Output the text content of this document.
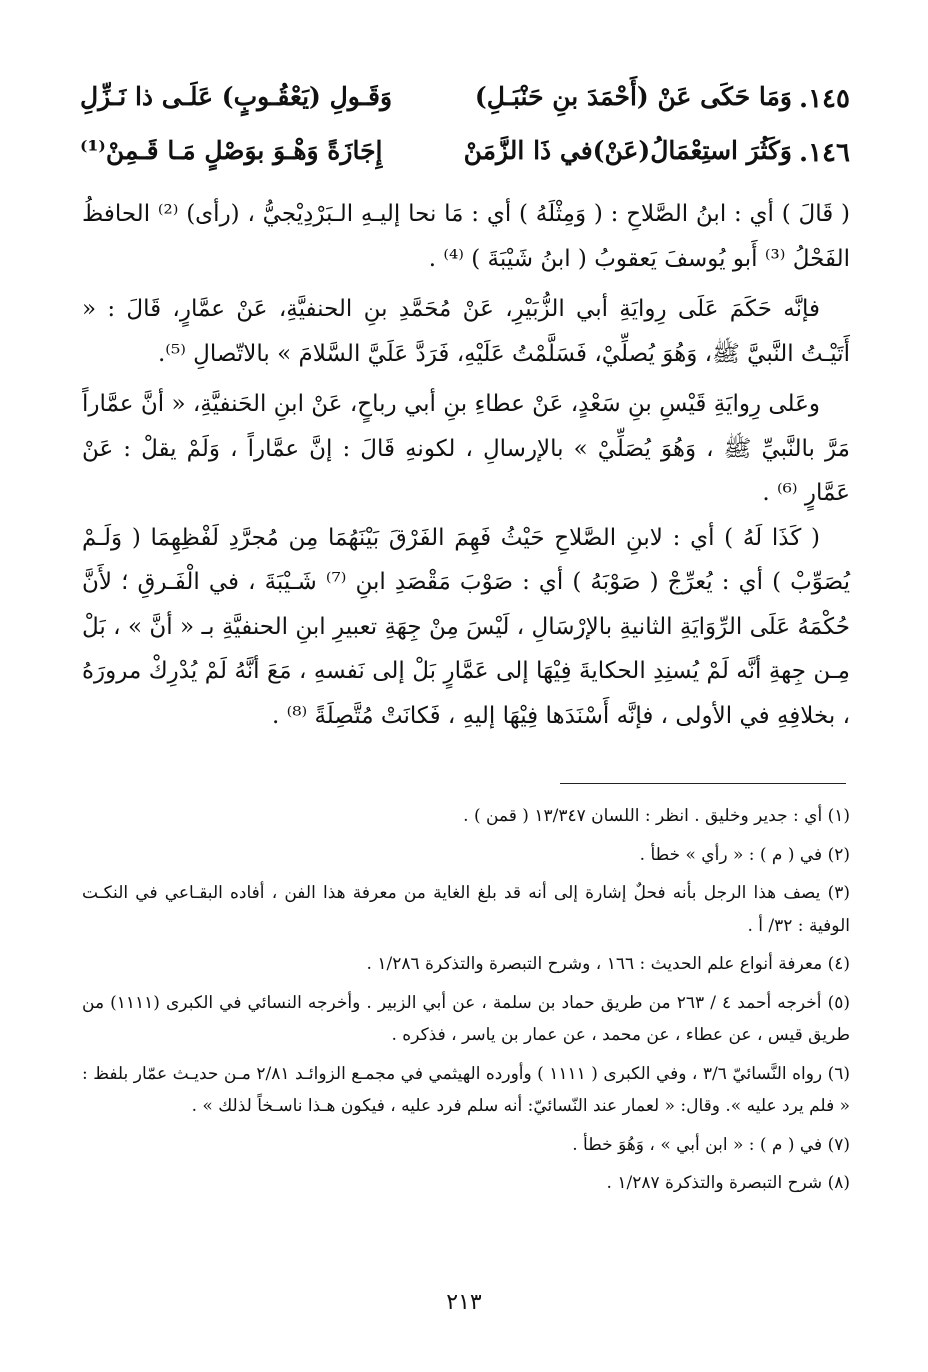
١٤٥.
وَمَا حَكَى عَنْ (أَحْمَدَ بنِ حَنْبَـلِ)
وَقَـولِ (يَعْقُـوبٍ) عَلَـى ذا نَـزِّلِ
١٤٦.
وَكَثُرَ استِعْمَالُ(عَنْ)في ذَا الزَّمَنْ
إِجَازَةً وَهْـوَ بوَصْلٍ مَـا قَـمِنْ⁽¹⁾

( قَالَ ) أي : ابنُ الصَّلاحِ : ( وَمِثْلَهُ ) أي : مَا نحا إليـهِ الـبَرْدِيْجيُّ ، (رأى) ⁽²⁾ الحافظُ الفَحْلُ ⁽³⁾ أَبو يُوسفَ يَعقوبُ ( ابنُ شَيْبَةَ ) ⁽⁴⁾ .

فإنَّه حَكَمَ عَلَى رِوايَةِ أبي الزُّبَيْرِ، عَنْ مُحَمَّدِ بنِ الحنفيَّةِ، عَنْ عمَّارٍ، قَالَ : « أَتَيْـتُ النَّبيَّ ﷺ، وَهُوَ يُصلِّيْ، فَسَلَّمْتُ عَلَيْهِ، فَرَدَّ عَلَيَّ السَّلامَ » بالاتّصالِ ⁽⁵⁾.

وعَلى رِوايَةِ قَيْسِ بنِ سَعْدٍ، عَنْ عطاءِ بنِ أبي رباحٍ، عَنْ ابنِ الحَنفيَّةِ، « أنَّ عمَّاراً مَرَّ بالنَّبيِّ ﷺ ، وَهُوَ يُصَلِّيْ » بالإرسالِ ، لكونهِ قَالَ : إنَّ عمَّاراً ، وَلَمْ يقلْ : عَنْ عَمَّارٍ ⁽⁶⁾ .

( كَذَا لَهُ ) أي : لابنِ الصَّلاحِ حَيْثُ فَهِمَ الفَرْقَ بَيْنَهُمَا مِن مُجرَّدِ لَفْظِهِمَا ( وَلَـمْ يُصَوِّبْ ) أي : يُعرِّجْ ( صَوْبَهُ ) أي : صَوْبَ مَقْصَدِ ابنِ ⁽⁷⁾ شَـيْبَةَ ، في الْفَـرقِ ؛ لأَنَّ حُكْمَهُ عَلَى الرِّوَايَةِ الثانيةِ بالإرْسَالِ ، لَيْسَ مِنْ جِهَةِ تعبيرِ ابنِ الحنفيَّةِ بـ « أنَّ » ، بَلْ مِـن جِهةِ أنَّه لَمْ يُسنِدِ الحكايةَ فِيْهَا إلى عَمَّارٍ بَلْ إلى نَفسهِ ، مَعَ أنَّهُ لَمْ يُدْرِكْ مرورَهُ ، بخلافِهِ في الأولى ، فإنَّه أَسْنَدَها فِيْهَا إليهِ ، فَكانَتْ مُتَّصِلَةً ⁽⁸⁾ .

(١) أي : جدير وخليق . انظر : اللسان ١٣/٣٤٧ ( قمن ) .

(٢) في ( م ) : « رأي » خطأ .

(٣) يصف هذا الرجل بأنه فحلٌ إشارة إلى أنه قد بلغ الغاية من معرفة هذا الفن ، أفاده البقـاعي في النكـت الوفية : ٣٢/ أ .

(٤) معرفة أنواع علم الحديث : ١٦٦ ، وشرح التبصرة والتذكرة ١/٢٨٦ .

(٥) أخرجه أحمد ٤ / ٢٦٣ من طريق حماد بن سلمة ، عن أبي الزبير . وأخرجه النسائي في الكبرى (١١١١) من طريق قيس ، عن عطاء ، عن محمد ، عن عمار بن ياسر ، فذكره .

(٦) رواه النَّسائيّ ٣/٦ ، وفي الكبرى ( ١١١١ ) وأورده الهيثمي في مجمـع الزوائـد ٢/٨١ مـن حديـث عمّار بلفظ : « فلم يرد عليه ». وقال: « لعمار عند النّسائيّ: أنه سلم فرد عليه ، فيكون هـذا ناسـخاً لذلك » .

(٧) في ( م ) : « ابن أبي » ، وَهُوَ خطأ .

(٨) شرح التبصرة والتذكرة ١/٢٨٧ .

٢١٣
